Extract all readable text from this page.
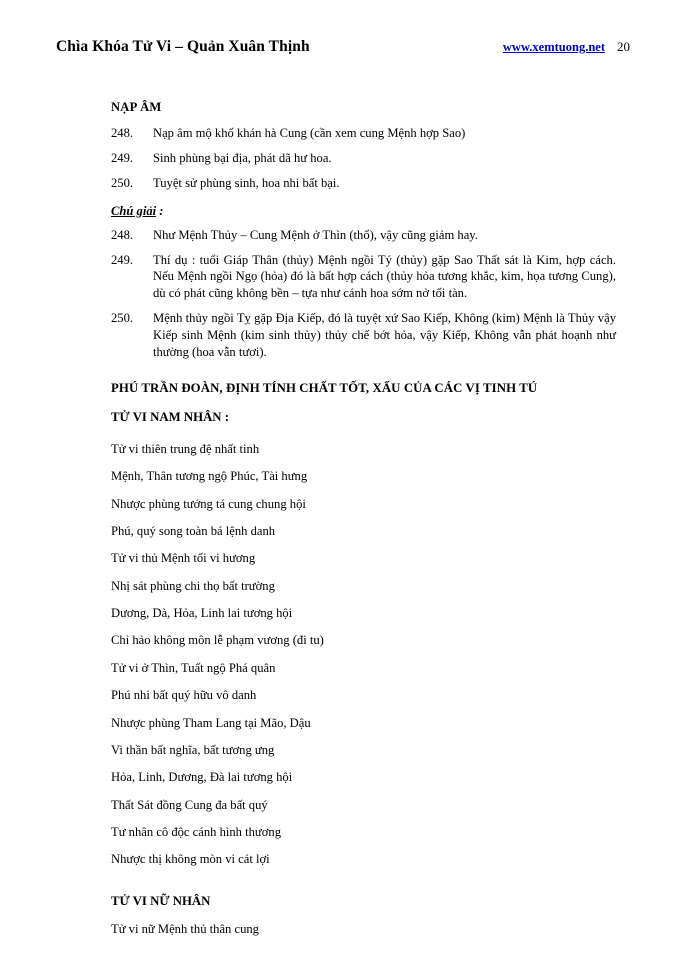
Chìa Khóa Tử Vi – Quản Xuân Thịnh	www.xemtuong.net 20
NẠP ÂM
248.	Nạp âm mộ khố khán hà Cung (cần xem cung Mệnh hợp Sao)
249.	Sinh phùng bại địa, phát dã hư hoa.
250.	Tuyệt sử phùng sinh, hoa nhi bất bại.
Chú giải :
248.	Như Mệnh Thủy – Cung Mệnh ở Thìn (thổ), vậy cũng giảm hay.
249.	Thí dụ : tuổi Giáp Thân (thủy) Mệnh ngồi Tý (thủy) gặp Sao Thất sát là Kim, hợp cách. Nếu Mệnh ngồi Ngọ (hỏa) đó là bất hợp cách (thủy hỏa tương khắc, kim, họa tương Cung), dù có phát cũng không bền – tựa như cánh hoa sớm nở tối tàn.
250.	Mệnh thủy ngồi Tỵ gặp Địa Kiếp, đó là tuyệt xứ Sao Kiếp, Không (kim) Mệnh là Thủy vậy Kiếp sinh Mệnh (kim sinh thủy) thủy chế bớt hỏa, vậy Kiếp, Không vẫn phát hoạnh như thường (hoa vẫn tươi).
PHÚ TRẦN ĐOÀN, ĐỊNH TÍNH CHẤT TỐT, XẤU CỦA CÁC VỊ TINH TÚ
TỬ VI NAM NHÂN :
Tử vi thiên trung đệ nhất tinh
Mệnh, Thân tương ngộ Phúc, Tài hưng
Nhược phùng tướng tá cung chung hội
Phú, quý song toàn bá lệnh danh
Tử vi thủ Mệnh tối vi hương
Nhị sát phùng chi thọ bất trường
Dương, Dà, Hỏa, Linh lai tương hội
Chỉ hảo không môn lễ phạm vương (đi tu)
Tử vi ở Thìn, Tuất ngộ Phá quân
Phú nhi bất quý hữu vô danh
Nhược phùng Tham Lang tại Mão, Dậu
Vi thần bất nghĩa, bất tương ưng
Hỏa, Linh, Dương, Đà lai tương hội
Thất Sát đồng Cung đa bất quý
Tư nhân cô độc cánh hình thương
Nhược thị không mòn vi cát lợi
TỬ VI NỮ NHÂN
Tử vi nữ Mệnh thủ thân cung
